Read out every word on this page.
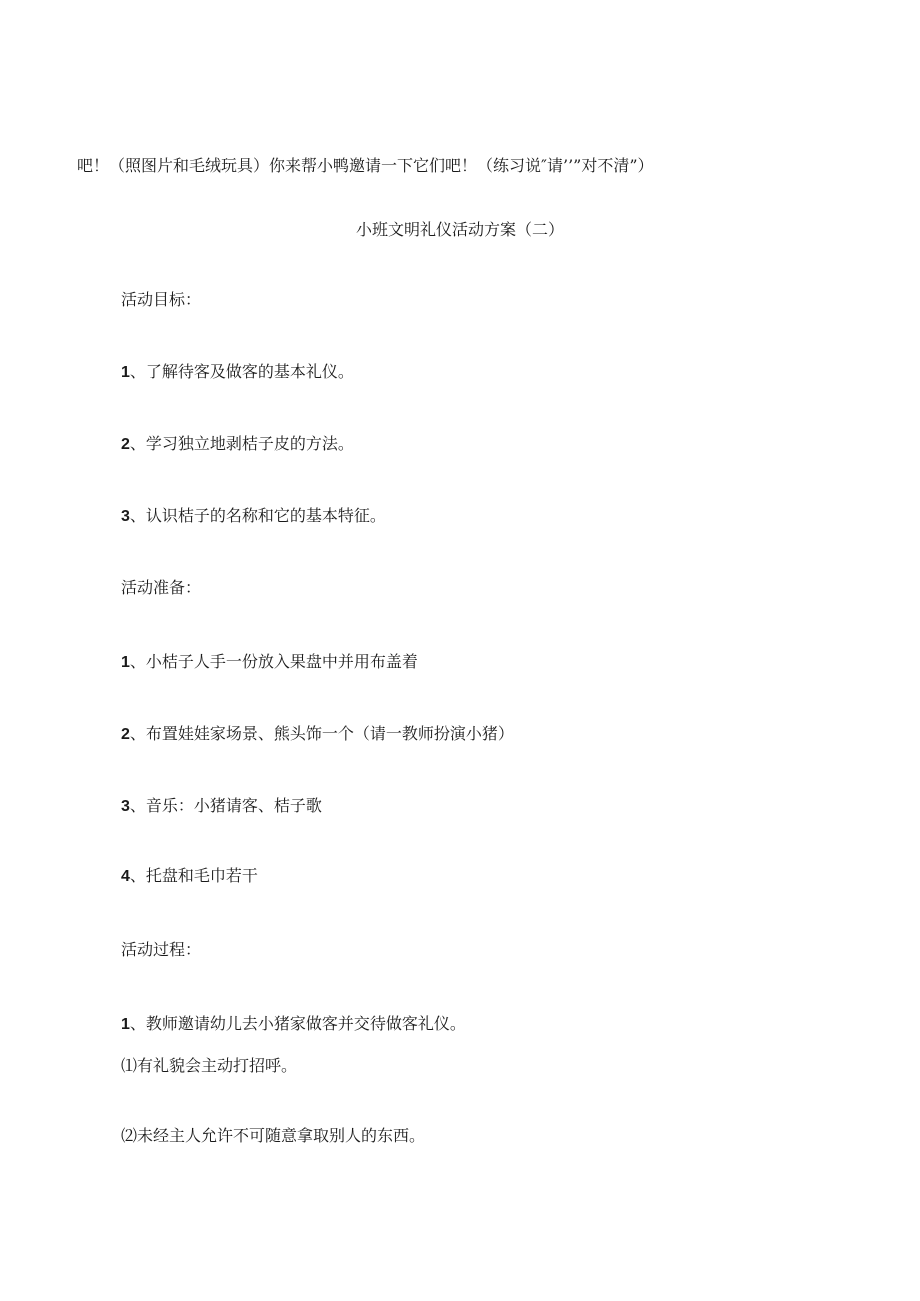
吧！（照图片和毛绒玩具）你来帮小鸭邀请一下它们吧！（练习说″请’’”对不清”）

小班文明礼仪活动方案（二）

活动目标：

1、了解待客及做客的基本礼仪。

2、学习独立地剥桔子皮的方法。

3、认识桔子的名称和它的基本特征。

活动准备：

1、小桔子人手一份放入果盘中并用布盖着

2、布置娃娃家场景、熊头饰一个（请一教师扮演小猪）

3、音乐：小猪请客、桔子歌

4、托盘和毛巾若干

活动过程：

1、教师邀请幼儿去小猪家做客并交待做客礼仪。

⑴有礼貌会主动打招呼。

⑵未经主人允许不可随意拿取别人的东西。
